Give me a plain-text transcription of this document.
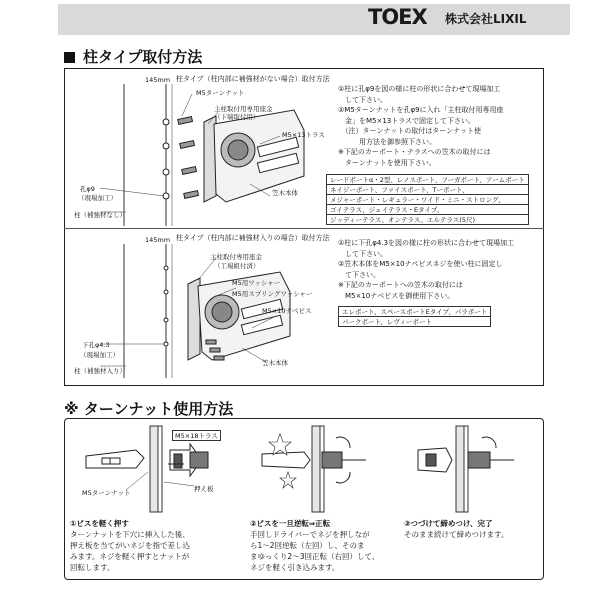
TOEX 株式会社LIXIL
柱タイプ取付方法
145mm 柱タイプ（柱内部に補強材がない場合）取付方法
M5ターンナット
主柱取付用専用座金
（下端取付用）
M5×13トラス
孔φ9
（現場加工）
柱（補強材なし）
笠木本体
①柱に孔φ9を図の様に柱の形状に合わせて現場加工
　して下さい。
②M5ターンナットを孔φ9に入れ「主柱取付用専用座
　金」をM5×13トラスで固定して下さい。
　（注）ターンナットの取付はターンナット使
　　　用方法を御参照下さい。
※下記のカーポート・テラスへの笠木の取付には
　ターンナットを使用下さい。
レードポートα・2型、レノスポート、フーガポート、アームポート
ネイジーポート、ファイスポート、Tーポート、
メジャーポート・レギュラー・ワイド・ミニ・ストロング、
ゴイテラス、ジェイテラス・Eタイプ、
ジッディーテラス、オンテラス、エルテラス(5尺)
145mm 柱タイプ（柱内部に補強材入りの場合）取付方法
主柱取付専用座金
（工場組付済）
M5用ワッシャー
M5用スプリングワッシャー
M5×10ナベビス
下孔φ4.3
（現場加工）
柱（補強材入り）
笠木本体
①柱に下孔φ4.3を図の様に柱の形状に合わせて現場加工
　して下さい。
②笠木本体をM5×10ナベビスネジを使い柱に固定し
　て下さい。
※下記のカーポートへの笠木の取付には
　M5×10ナベビスを御使用下さい。
エレポート、スペースポートEタイプ、パラポート
パークポート、レヴィーポート
※ ターンナット使用方法
M5×18トラス
M5ターンナット	押え板
①ビスを軽く押す
ターンナットを下穴に挿入した後、
押え板を当てがいネジを指で差し込
みます。ネジを軽く押すとナットが
回転します。
②ビスを一旦逆転⇒正転
手回しドライバーでネジを押しなが
ら1〜2回逆転（左回）し、そのま
まゆっくり2〜3回正転（右回）して、
ネジを軽く引き込みます。
③つづけて締めつけ、完了
そのまま続けて締めつけます。
